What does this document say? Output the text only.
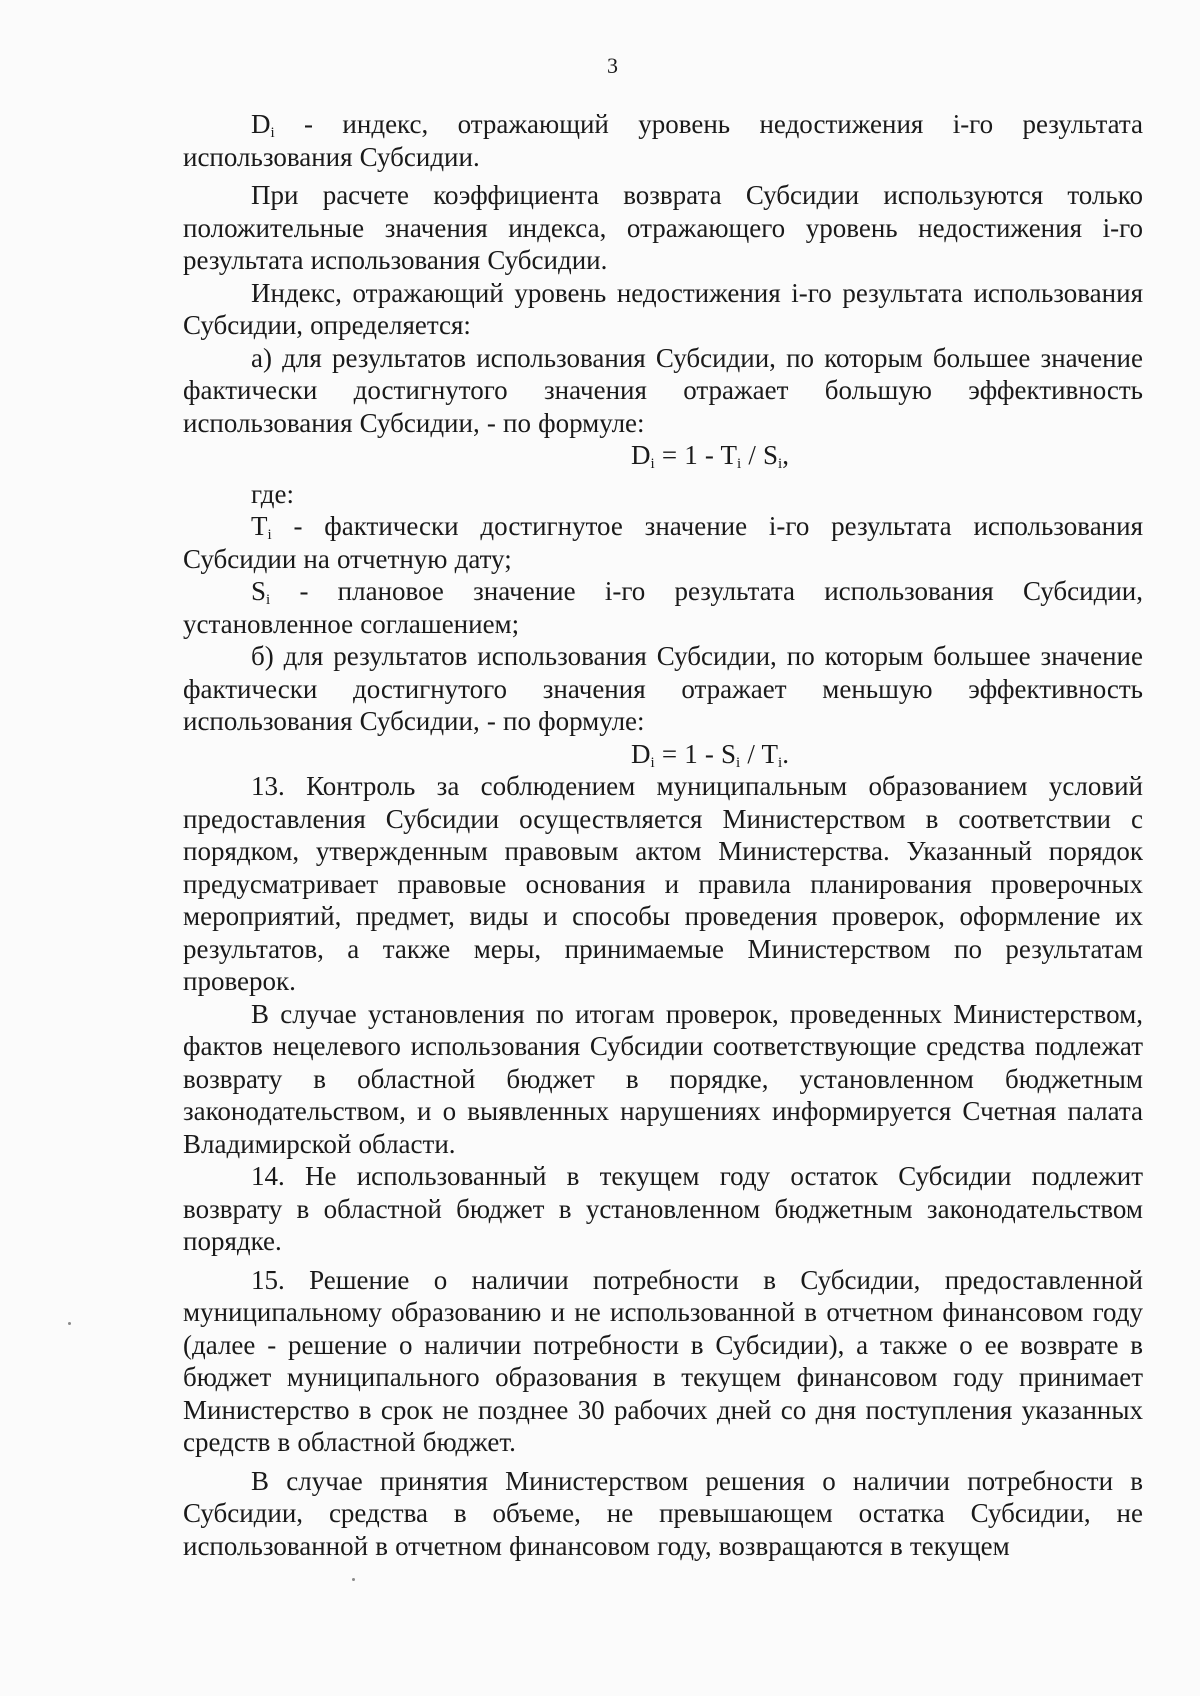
3

$D_i$ - индекс, отражающий уровень недостижения i-го результата использования Субсидии.

При расчете коэффициента возврата Субсидии используются только положительные значения индекса, отражающего уровень недостижения i-го результата использования Субсидии.

Индекс, отражающий уровень недостижения i-го результата использования Субсидии, определяется:

а) для результатов использования Субсидии, по которым большее значение фактически достигнутого значения отражает большую эффективность использования Субсидии, - по формуле:

$D_i = 1 - T_i / S_i$,

где:

$T_i$ - фактически достигнутое значение i-го результата использования Субсидии на отчетную дату;

$S_i$ - плановое значение i-го результата использования Субсидии, установленное соглашением;

б) для результатов использования Субсидии, по которым большее значение фактически достигнутого значения отражает меньшую эффективность использования Субсидии, - по формуле:

$D_i = 1 - S_i / T_i$.

13. Контроль за соблюдением муниципальным образованием условий предоставления Субсидии осуществляется Министерством в соответствии с порядком, утвержденным правовым актом Министерства. Указанный порядок предусматривает правовые основания и правила планирования проверочных мероприятий, предмет, виды и способы проведения проверок, оформление их результатов, а также меры, принимаемые Министерством по результатам проверок.

В случае установления по итогам проверок, проведенных Министерством, фактов нецелевого использования Субсидии соответствующие средства подлежат возврату в областной бюджет в порядке, установленном бюджетным законодательством, и о выявленных нарушениях информируется Счетная палата Владимирской области.

14. Не использованный в текущем году остаток Субсидии подлежит возврату в областной бюджет в установленном бюджетным законодательством порядке.

15. Решение о наличии потребности в Субсидии, предоставленной муниципальному образованию и не использованной в отчетном финансовом году (далее - решение о наличии потребности в Субсидии), а также о ее возврате в бюджет муниципального образования в текущем финансовом году принимает Министерство в срок не позднее 30 рабочих дней со дня поступления указанных средств в областной бюджет.

В случае принятия Министерством решения о наличии потребности в Субсидии, средства в объеме, не превышающем остатка Субсидии, не использованной в отчетном финансовом году, возвращаются в текущем
